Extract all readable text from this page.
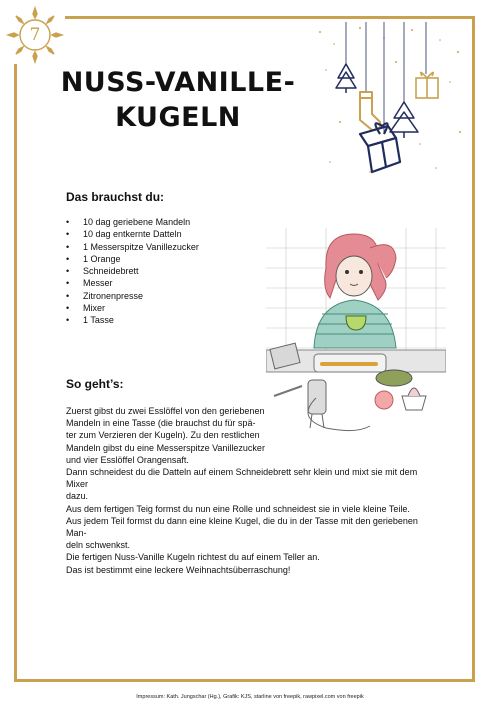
7
NUSS-VANILLE-KUGELN
Das brauchst du:
• 10 dag geriebene Mandeln
• 10 dag entkernte Datteln
• 1 Messerspitze Vanillezucker
• 1 Orange
• Schneidebrett
• Messer
• Zitronenpresse
• Mixer
• 1 Tasse
So geht’s:

Zuerst gibst du zwei Esslöffel von den geriebenen

Mandeln in eine Tasse (die brauchst du für spä-

ter zum Verzieren der Kugeln). Zu den restlichen

Mandeln gibst du eine Messerspitze Vanillezucker

und vier Esslöffel Orangensaft.

Dann schneidest du die Datteln auf einem Schneidebrett sehr klein und mixt sie mit dem Mixer

dazu.

Aus dem fertigen Teig formst du nun eine Rolle und schneidest sie in viele kleine Teile.

Aus jedem Teil formst du dann eine kleine Kugel, die du in der Tasse mit den geriebenen Man-

deln schwenkst.

Die fertigen Nuss-Vanille Kugeln richtest du auf einem Teller an.

Das ist bestimmt eine leckere Weihnachtsüberraschung!

Impressum: Kath. Jungschar (Hg.), Grafik: KJS, starline von freepik, rawpixel.com von freepik
